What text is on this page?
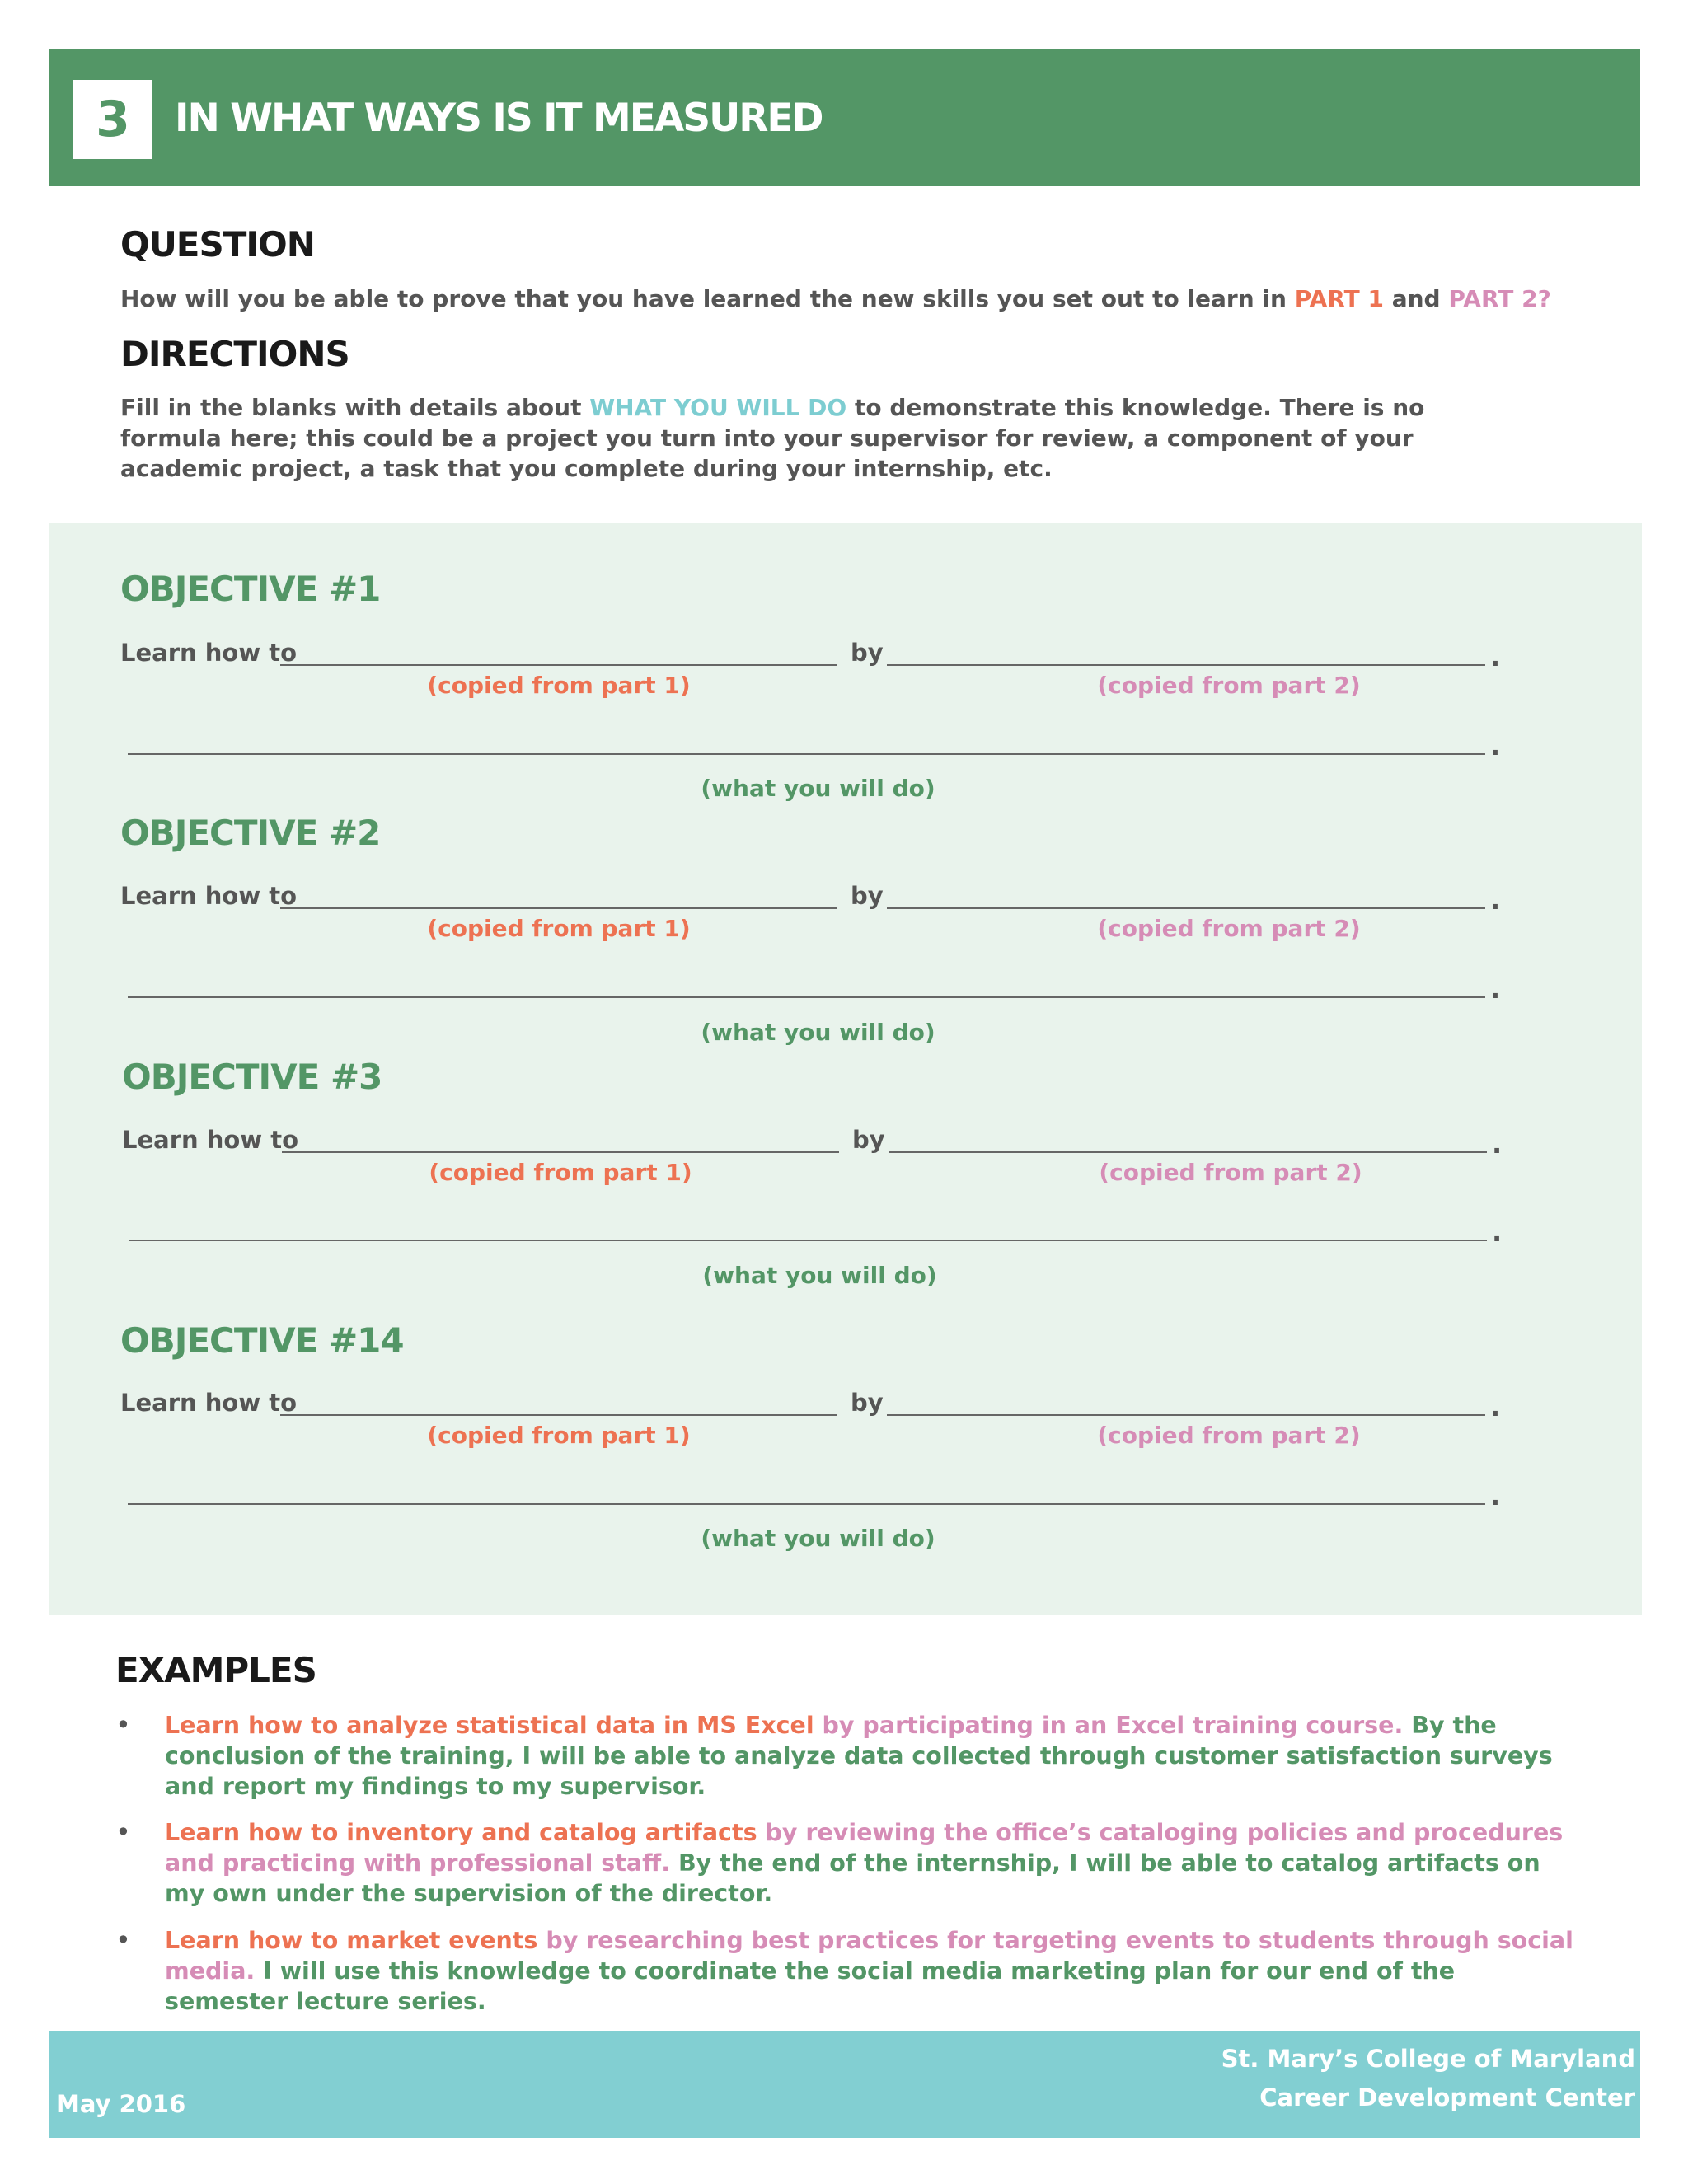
3	IN WHAT WAYS IS IT MEASURED
QUESTION
How will you be able to prove that you have learned the new skills you set out to learn in PART 1 and PART 2?
DIRECTIONS
Fill in the blanks with details about WHAT YOU WILL DO to demonstrate this knowledge. There is no formula here; this could be a project you turn into your supervisor for review, a component of your academic project, a task that you complete during your internship, etc.
OBJECTIVE #1
Learn how to	by	.
(copied from part 1)	(copied from part 2)
.
(what you will do)
OBJECTIVE #2
Learn how to	by	.
(copied from part 1)	(copied from part 2)
.
(what you will do)
OBJECTIVE #3
Learn how to	by	.
(copied from part 1)	(copied from part 2)
.
(what you will do)
OBJECTIVE #14
Learn how to	by	.
(copied from part 1)	(copied from part 2)
.
(what you will do)
EXAMPLES
• Learn how to analyze statistical data in MS Excel by participating in an Excel training course. By the conclusion of the training, I will be able to analyze data collected through customer satisfaction surveys and report my findings to my supervisor.
• Learn how to inventory and catalog artifacts by reviewing the office’s cataloging policies and procedures and practicing with professional staff. By the end of the internship, I will be able to catalog artifacts on my own under the supervision of the director.
• Learn how to market events by researching best practices for targeting events to students through social media. I will use this knowledge to coordinate the social media marketing plan for our end of the semester lecture series.
May 2016
St. Mary’s College of Maryland
Career Development Center
